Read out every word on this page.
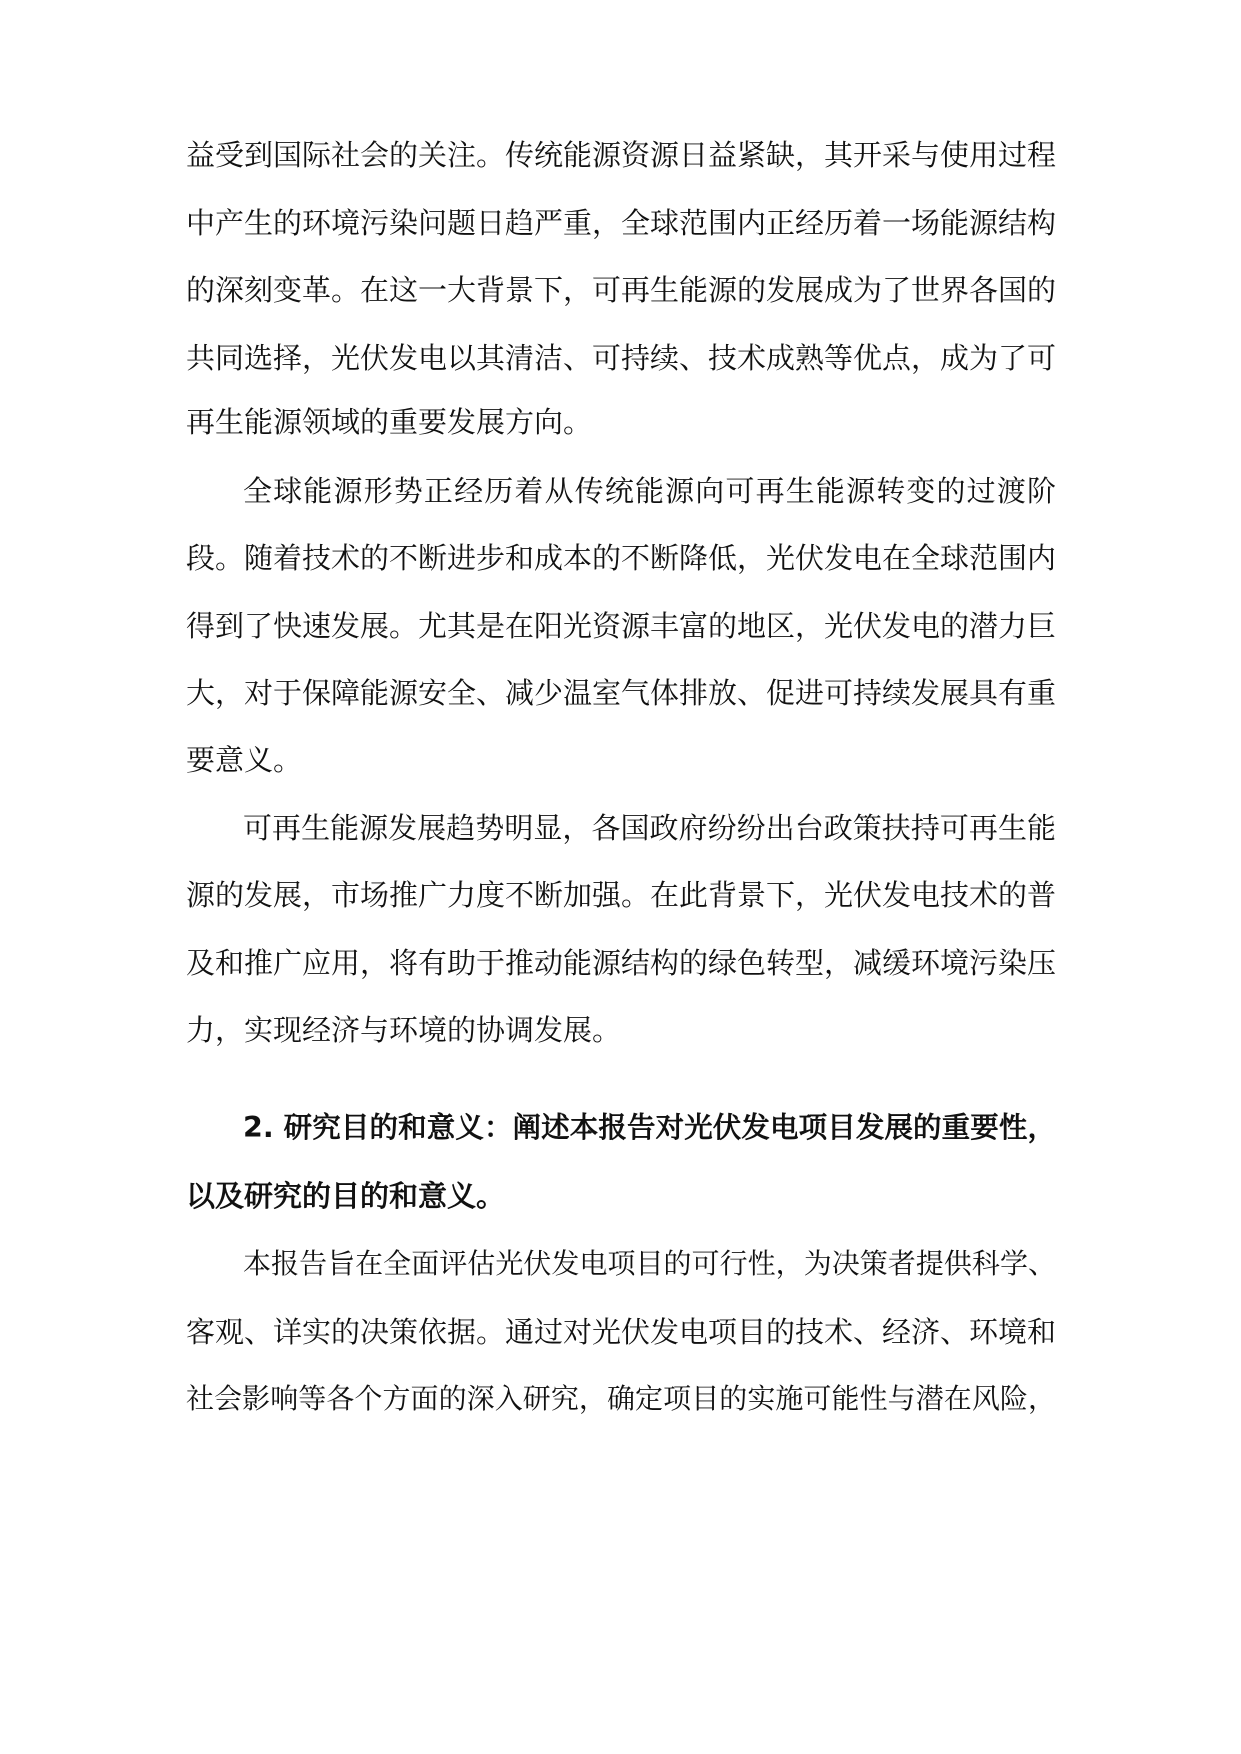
益受到国际社会的关注。传统能源资源日益紧缺，其开采与使用过程
中产生的环境污染问题日趋严重，全球范围内正经历着一场能源结构
的深刻变革。在这一大背景下，可再生能源的发展成为了世界各国的
共同选择，光伏发电以其清洁、可持续、技术成熟等优点，成为了可
再生能源领域的重要发展方向。
全球能源形势正经历着从传统能源向可再生能源转变的过渡阶
段。随着技术的不断进步和成本的不断降低，光伏发电在全球范围内
得到了快速发展。尤其是在阳光资源丰富的地区，光伏发电的潜力巨
大，对于保障能源安全、减少温室气体排放、促进可持续发展具有重
要意义。
可再生能源发展趋势明显，各国政府纷纷出台政策扶持可再生能
源的发展，市场推广力度不断加强。在此背景下，光伏发电技术的普
及和推广应用，将有助于推动能源结构的绿色转型，减缓环境污染压
力，实现经济与环境的协调发展。
2. 研究目的和意义：阐述本报告对光伏发电项目发展的重要性，
以及研究的目的和意义。
本报告旨在全面评估光伏发电项目的可行性，为决策者提供科学、
客观、详实的决策依据。通过对光伏发电项目的技术、经济、环境和
社会影响等各个方面的深入研究，确定项目的实施可能性与潜在风险，
